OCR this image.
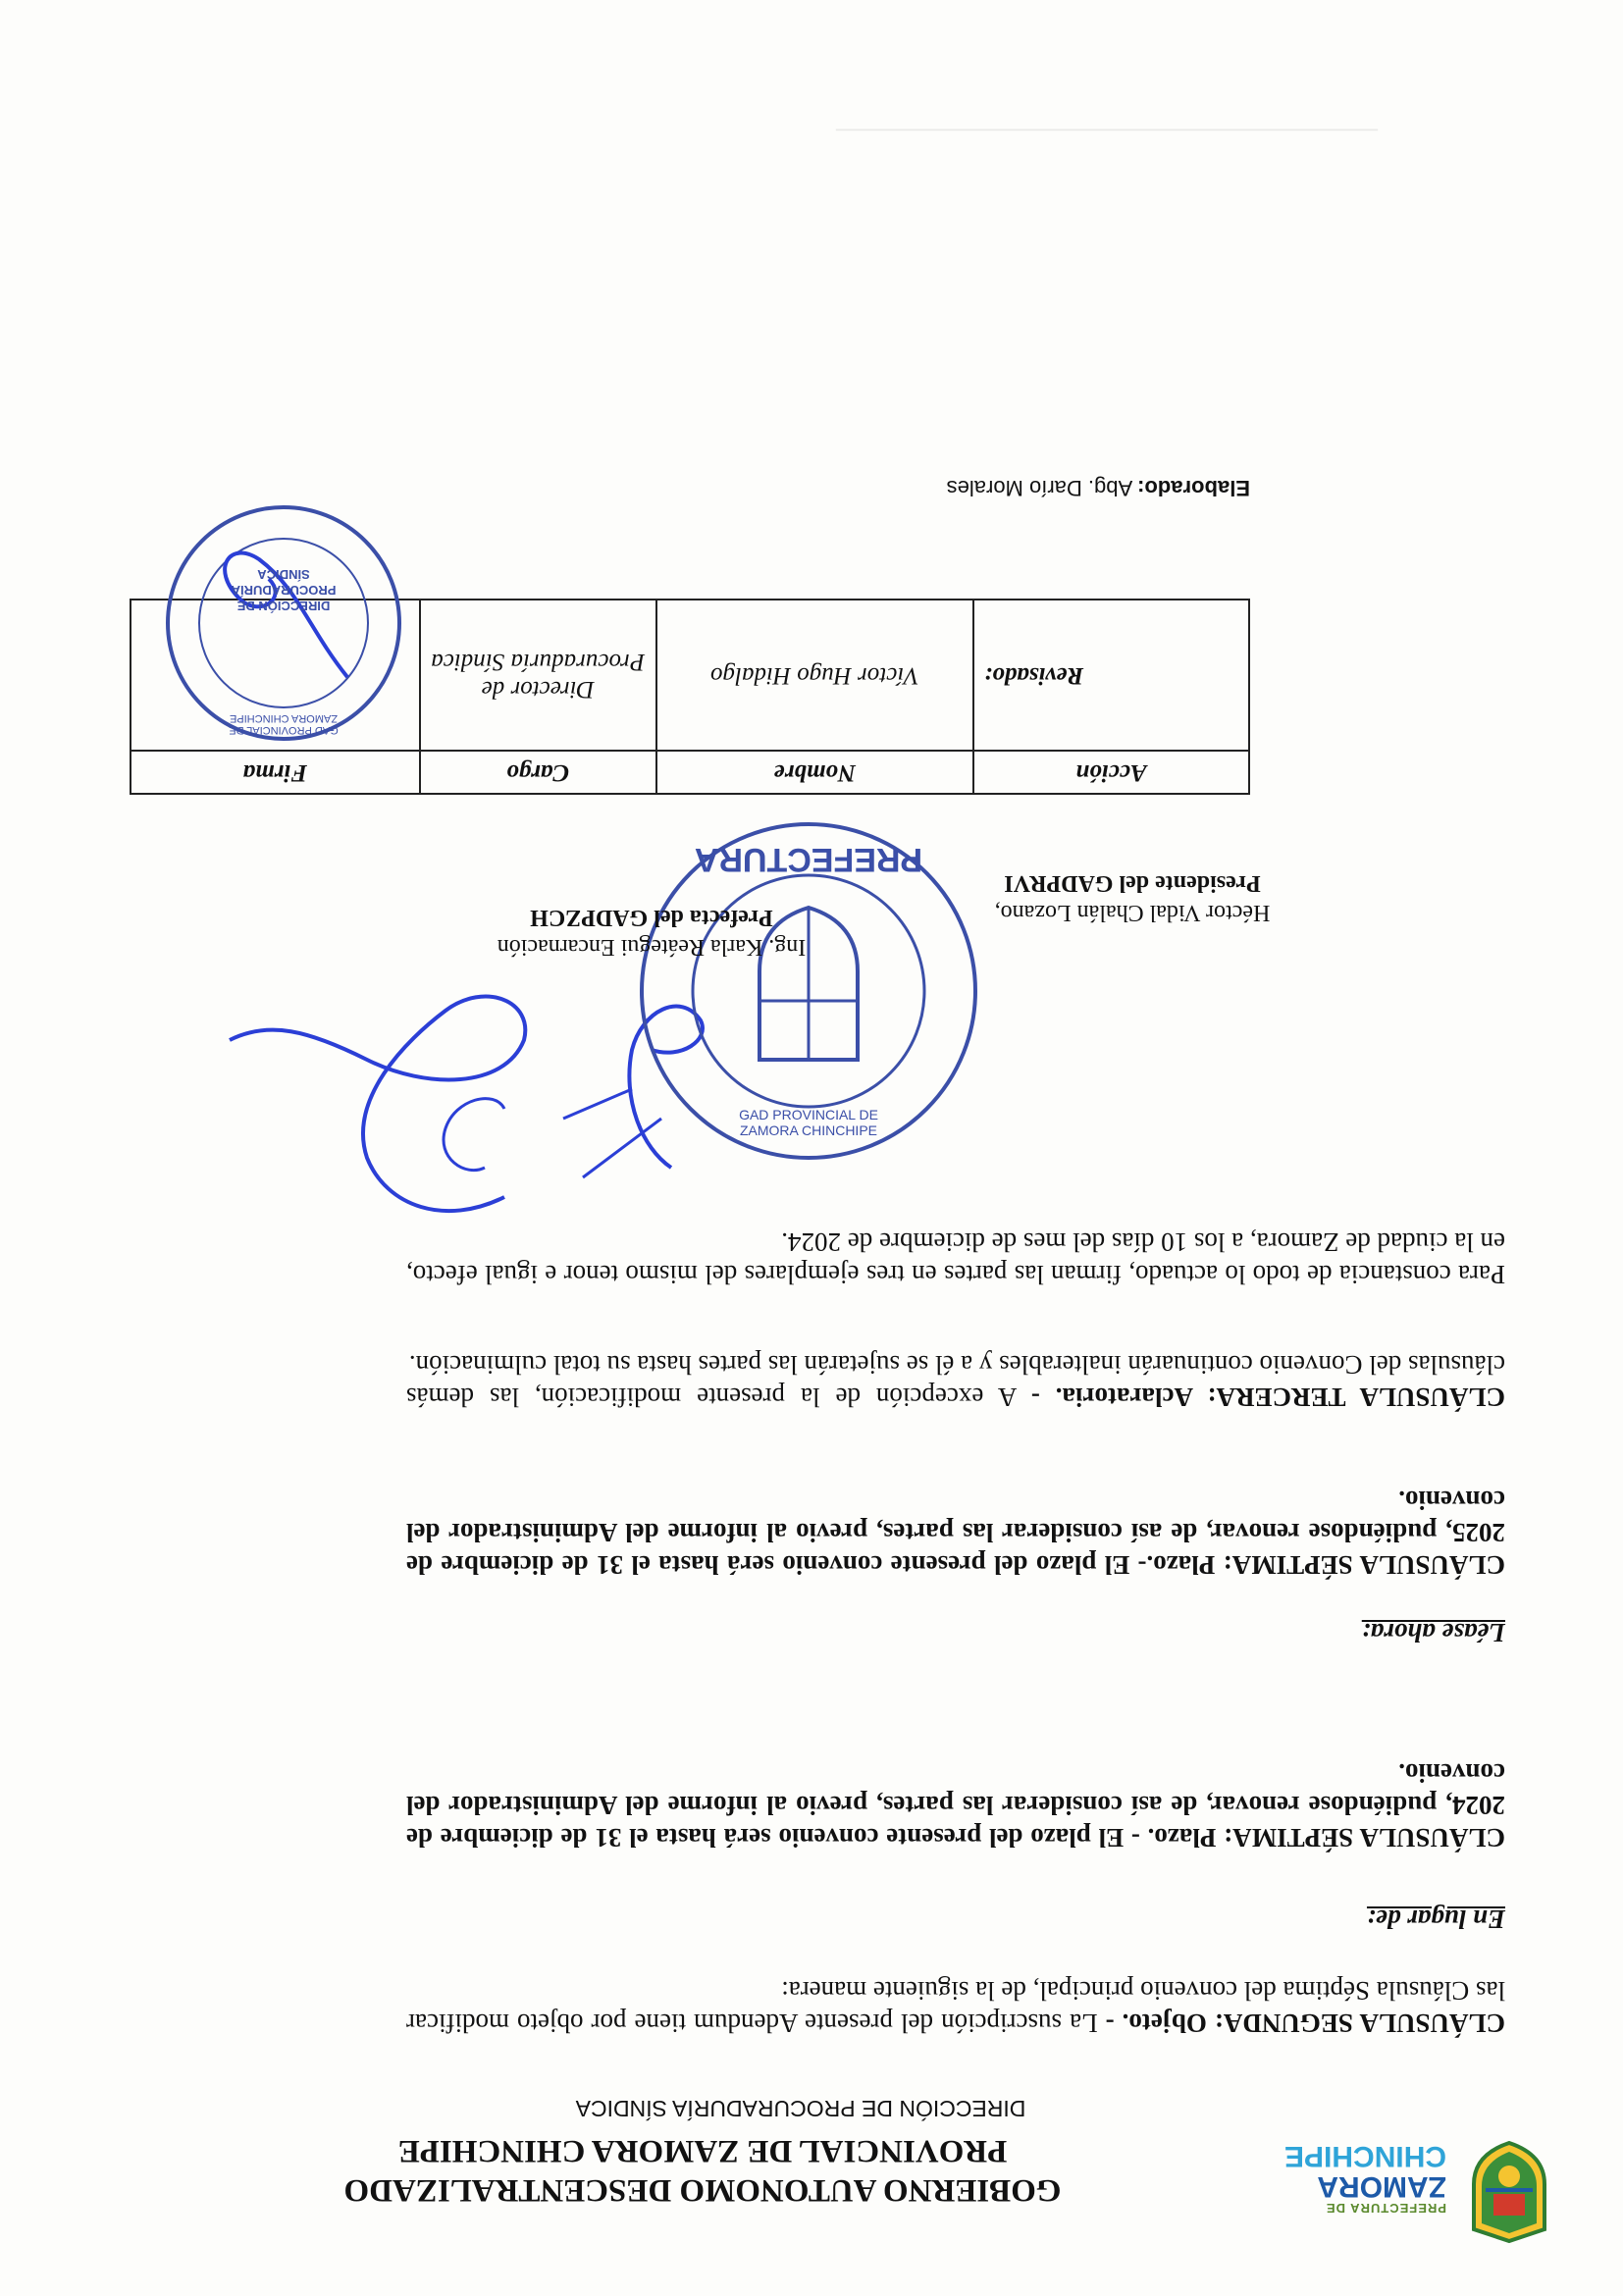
______________________________________________
PREFECTURA DE
ZAMORA
CHINCHIPE
GOBIERNO AUTONOMO DESCENTRALIZADO
PROVINCIAL DE ZAMORA CHINCHIPE
DIRECCIÓN DE PROCURADURÍA SÍNDICA
CLÁUSULA SEGUNDA: Objeto. - La suscripción del presente Adendum tiene por objeto modificar las Cláusula Séptima del convenio principal, de la siguiente manera:
En lugar de:
CLÁUSULA SÉPTIMA: Plazo. - El plazo del presente convenio será hasta el 31 de diciembre de 2024, pudiéndose renovar, de así considerar las partes, previo al informe del Administrador del convenio.
Léase ahora:
CLÁUSULA SÉPTIMA: Plazo.- El plazo del presente convenio será hasta el 31 de diciembre de 2025, pudiéndose renovar, de así considerar las partes, previo al informe del Administrador del convenio.
CLÁUSULA TERCERA: Aclaratoria. - A excepción de la presente modificación, las demás cláusulas del Convenio continuarán inalterables y a él se sujetarán las partes hasta su total culminación.
Para constancia de todo lo actuado, firman las partes en tres ejemplares del mismo tenor e igual efecto, en la ciudad de Zamora, a los 10 días del mes de diciembre de 2024.
GAD PROVINCIAL DE ZAMORA CHINCHIPE
PREFECTURA
Ing. Karla Reátegui Encarnación
Prefecta del GADPZCH	Héctor Vidal Chalán Lozano,
Presidente del GADPRVI
Acción	Nombre	Cargo	Firma
Revisado:	Víctor Hugo Hidalgo	Director de Procuraduría Síndica	
GAD PROVINCIAL DE ZAMORA CHINCHIPE
DIRECCIÓN DE
PROCURADURÍA
SÍNDICA
Elaborado: Abg. Darío Morales
